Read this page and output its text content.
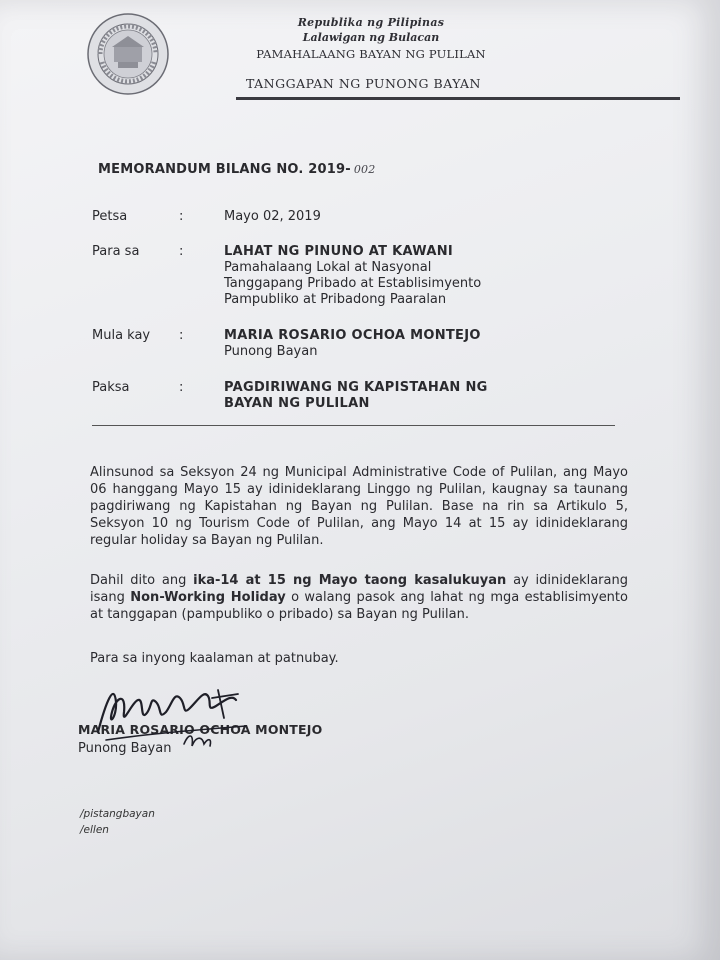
Republika ng Pilipinas
Lalawigan ng Bulacan
PAMAHALAANG BAYAN NG PULILAN
TANGGAPAN NG PUNONG BAYAN
MEMORANDUM BILANG NO. 2019- 002
Petsa	:	Mayo 02, 2019
Para sa	:	LAHAT NG PINUNO AT KAWANI
Pamahalaang Lokal at Nasyonal
Tanggapang Pribado at Establisimyento
Pampubliko at Pribadong Paaralan
Mula kay	:	MARIA ROSARIO OCHOA MONTEJO
Punong Bayan
Paksa	:	PAGDIRIWANG NG KAPISTAHAN NG
BAYAN NG PULILAN
Alinsunod sa Seksyon 24 ng Municipal Administrative Code of Pulilan, ang Mayo 06 hanggang Mayo 15 ay idinideklarang Linggo ng Pulilan, kaugnay sa taunang pagdiriwang ng Kapistahan ng Bayan ng Pulilan. Base na rin sa Artikulo 5, Seksyon 10 ng Tourism Code of Pulilan, ang Mayo 14 at 15 ay idinideklarang regular holiday sa Bayan ng Pulilan.
Dahil dito ang ika-14 at 15 ng Mayo taong kasalukuyan ay idinideklarang isang Non-Working Holiday o walang pasok ang lahat ng mga establisimyento at tanggapan (pampubliko o pribado) sa Bayan ng Pulilan.
Para sa inyong kaalaman at patnubay.
MARIA ROSARIO OCHOA MONTEJO
Punong Bayan
/pistangbayan
/ellen
